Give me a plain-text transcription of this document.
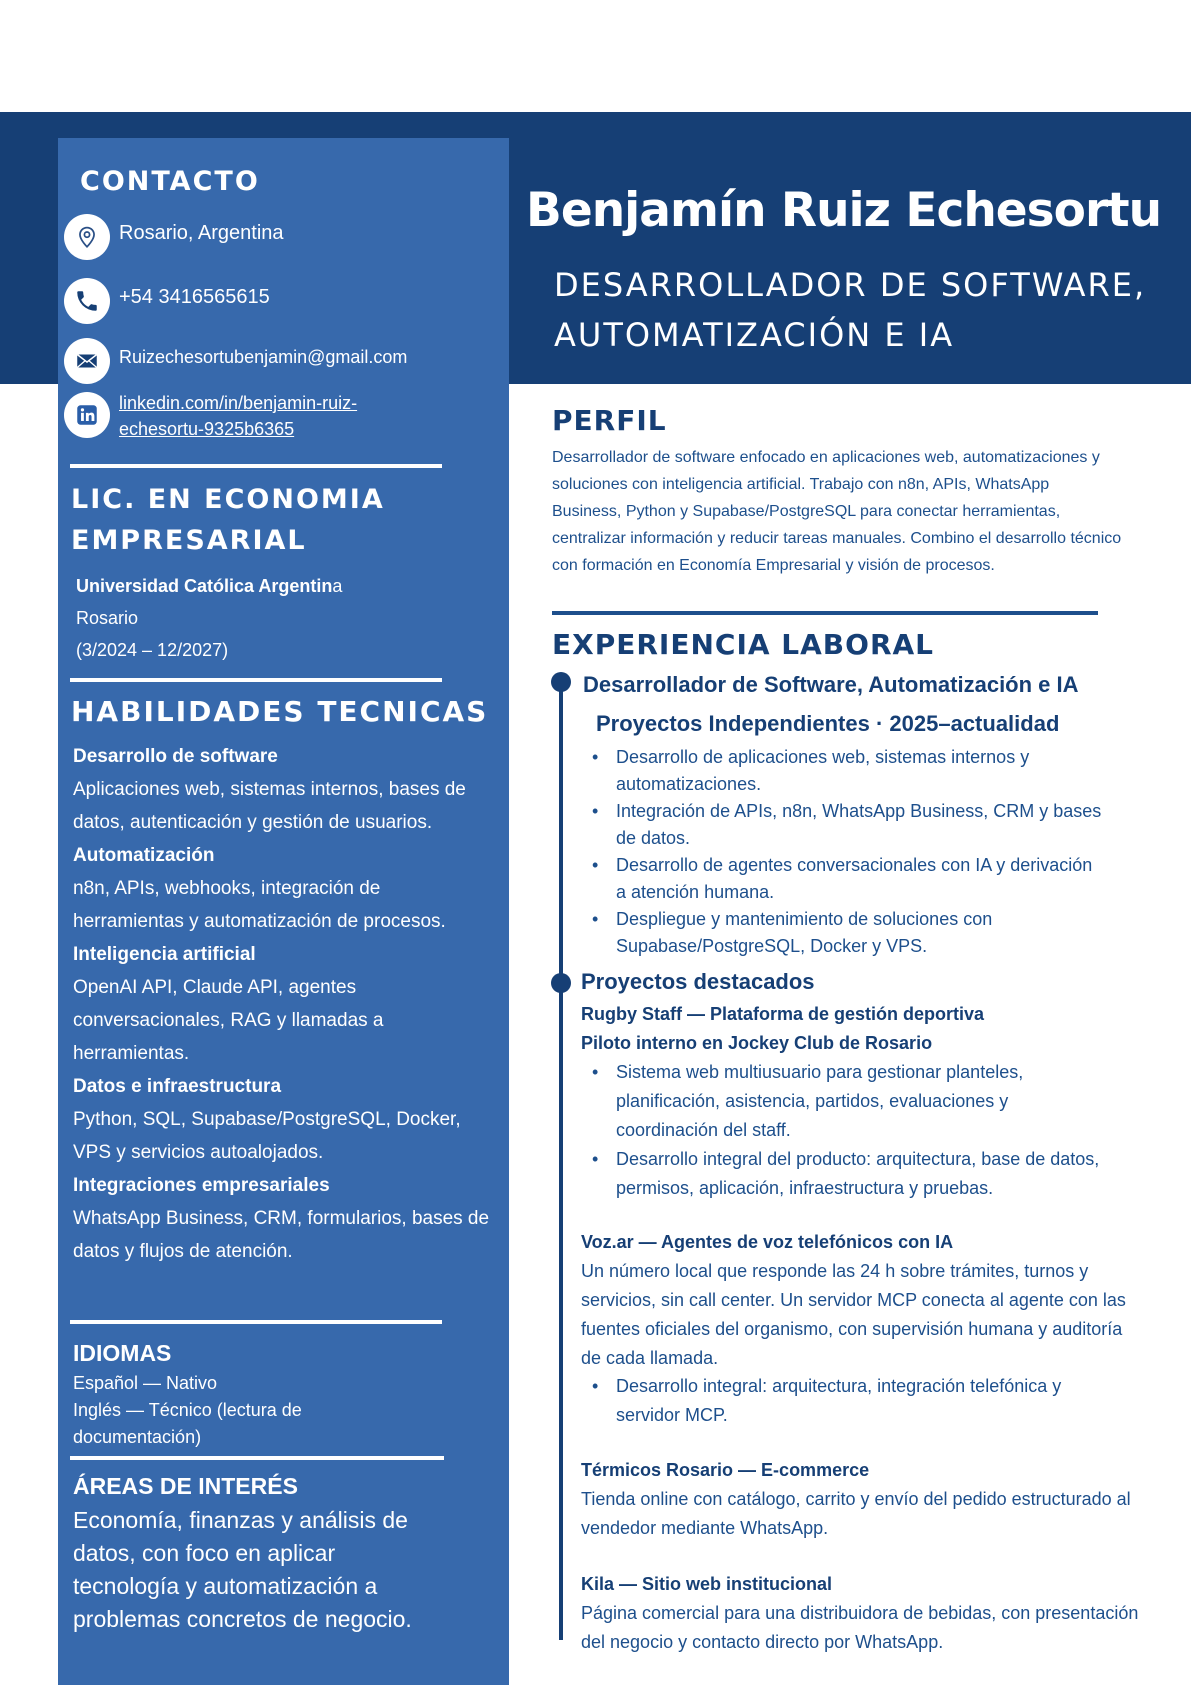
CONTACTO
Rosario, Argentina
+54 3416565615
Ruizechesortubenjamin@gmail.com
linkedin.com/in/benjamin-ruiz-
echesortu-9325b6365
LIC. EN ECONOMIA EMPRESARIAL
Universidad Católica Argentina
Rosario
(3/2024 – 12/2027)
HABILIDADES TECNICAS
Desarrollo de software
Aplicaciones web, sistemas internos, bases de datos, autenticación y gestión de usuarios.
Automatización
n8n, APIs, webhooks, integración de herramientas y automatización de procesos.
Inteligencia artificial
OpenAI API, Claude API, agentes conversacionales, RAG y llamadas a herramientas.
Datos e infraestructura
Python, SQL, Supabase/PostgreSQL, Docker, VPS y servicios autoalojados.
Integraciones empresariales
WhatsApp Business, CRM, formularios, bases de datos y flujos de atención.
IDIOMAS
Español — Nativo
Inglés — Técnico (lectura de documentación)
ÁREAS DE INTERÉS
Economía, finanzas y análisis de datos, con foco en aplicar tecnología y automatización a problemas concretos de negocio.
Benjamín Ruiz Echesortu
DESARROLLADOR DE SOFTWARE,
AUTOMATIZACIÓN E IA
PERFIL
Desarrollador de software enfocado en aplicaciones web, automatizaciones y soluciones con inteligencia artificial. Trabajo con n8n, APIs, WhatsApp Business, Python y Supabase/PostgreSQL para conectar herramientas, centralizar información y reducir tareas manuales. Combino el desarrollo técnico con formación en Economía Empresarial y visión de procesos.
EXPERIENCIA LABORAL
Desarrollador de Software, Automatización e IA
Proyectos Independientes · 2025–actualidad
• Desarrollo de aplicaciones web, sistemas internos y automatizaciones.
• Integración de APIs, n8n, WhatsApp Business, CRM y bases de datos.
• Desarrollo de agentes conversacionales con IA y derivación a atención humana.
• Despliegue y mantenimiento de soluciones con Supabase/PostgreSQL, Docker y VPS.
Proyectos destacados
Rugby Staff — Plataforma de gestión deportiva
Piloto interno en Jockey Club de Rosario
• Sistema web multiusuario para gestionar planteles, planificación, asistencia, partidos, evaluaciones y coordinación del staff.
• Desarrollo integral del producto: arquitectura, base de datos, permisos, aplicación, infraestructura y pruebas.
Voz.ar — Agentes de voz telefónicos con IA
Un número local que responde las 24 h sobre trámites, turnos y servicios, sin call center. Un servidor MCP conecta al agente con las fuentes oficiales del organismo, con supervisión humana y auditoría de cada llamada.
• Desarrollo integral: arquitectura, integración telefónica y servidor MCP.
Térmicos Rosario — E-commerce
Tienda online con catálogo, carrito y envío del pedido estructurado al vendedor mediante WhatsApp.
Kila — Sitio web institucional
Página comercial para una distribuidora de bebidas, con presentación del negocio y contacto directo por WhatsApp.
